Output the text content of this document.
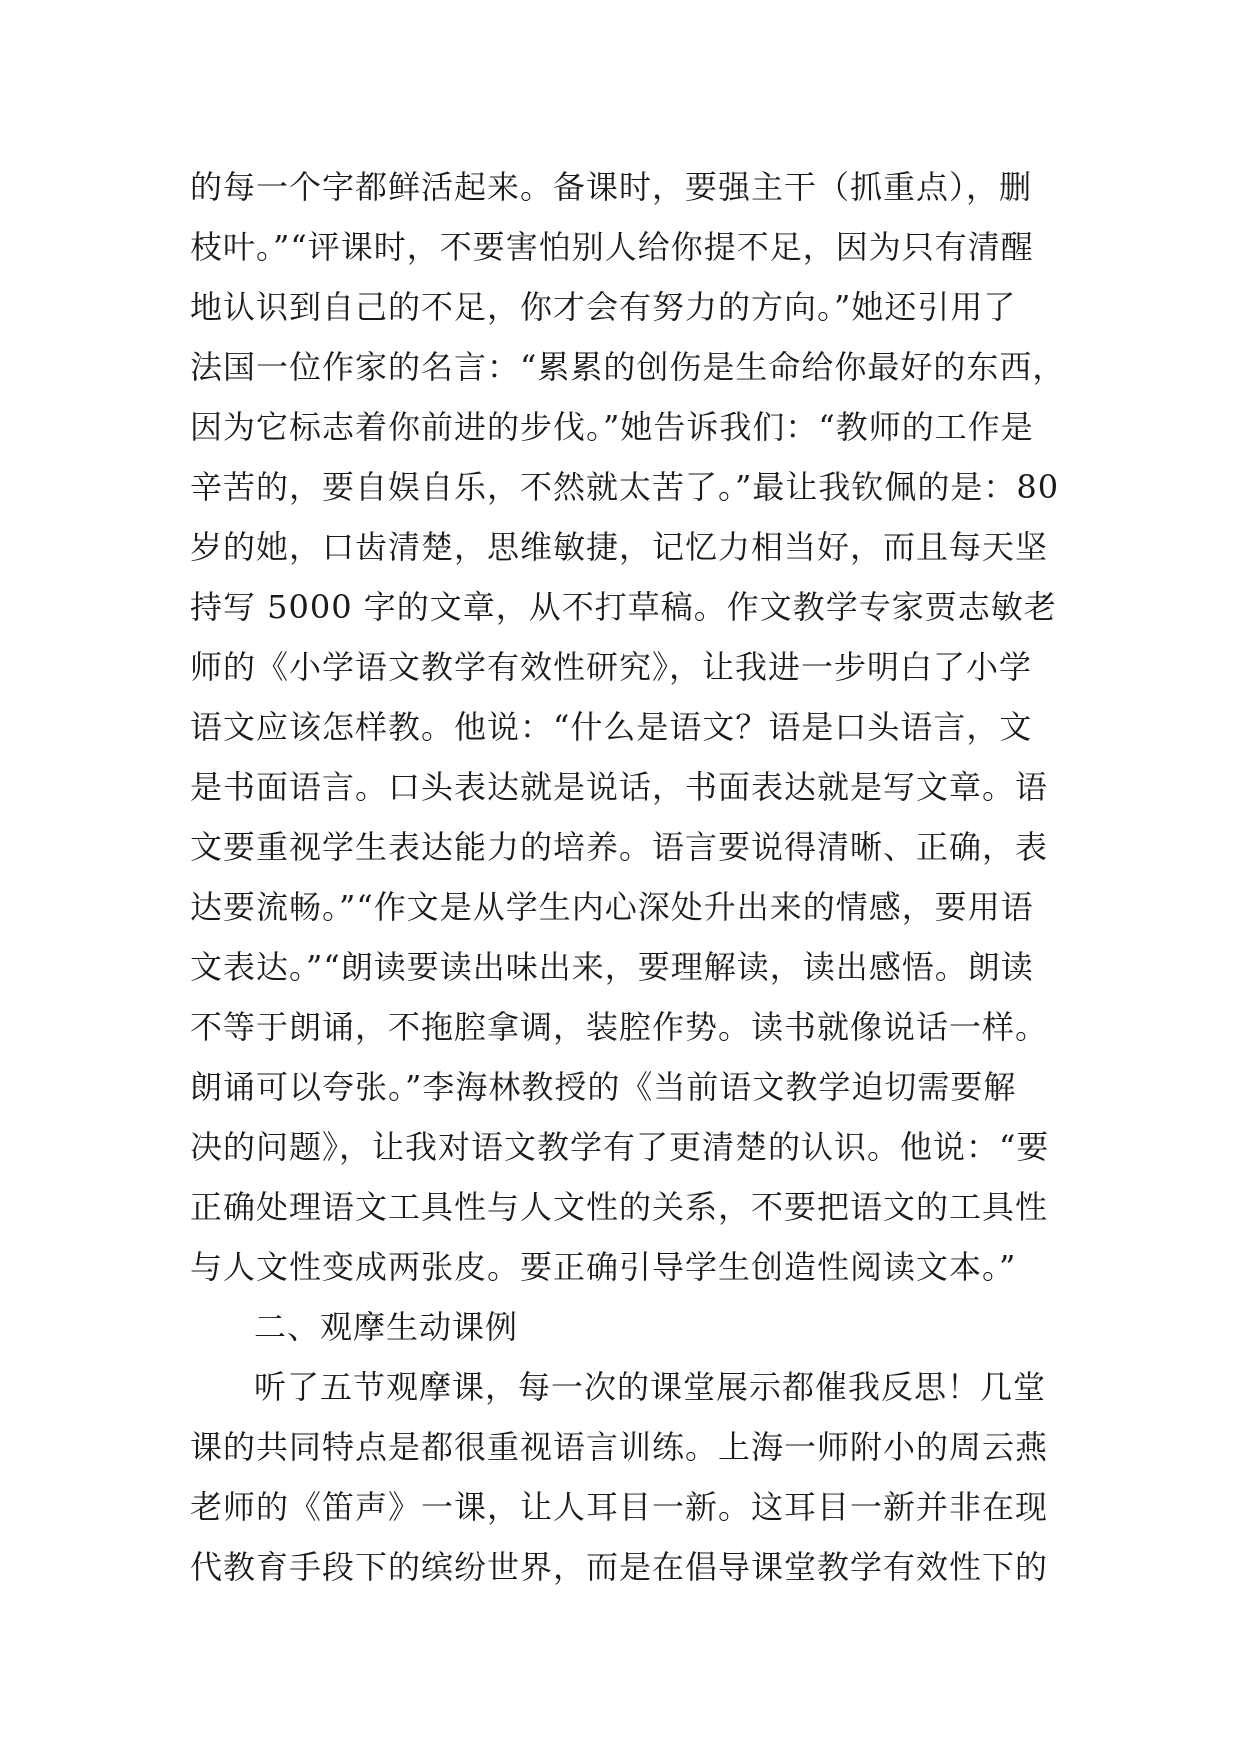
的每一个字都鲜活起来。备课时，要强主干（抓重点），删
枝叶。”“评课时，不要害怕别人给你提不足，因为只有清醒
地认识到自己的不足，你才会有努力的方向。”她还引用了
法国一位作家的名言：“累累的创伤是生命给你最好的东西，
因为它标志着你前进的步伐。”她告诉我们：“教师的工作是
辛苦的，要自娱自乐，不然就太苦了。”最让我钦佩的是：80
岁的她，口齿清楚，思维敏捷，记忆力相当好，而且每天坚
持写 5000 字的文章，从不打草稿。作文教学专家贾志敏老
师的《小学语文教学有效性研究》，让我进一步明白了小学
语文应该怎样教。他说：“什么是语文？语是口头语言，文
是书面语言。口头表达就是说话，书面表达就是写文章。语
文要重视学生表达能力的培养。语言要说得清晰、正确，表
达要流畅。”“作文是从学生内心深处升出来的情感，要用语
文表达。”“朗读要读出味出来，要理解读，读出感悟。朗读
不等于朗诵，不拖腔拿调，装腔作势。读书就像说话一样。
朗诵可以夸张。”李海林教授的《当前语文教学迫切需要解
决的问题》，让我对语文教学有了更清楚的认识。他说：“要
正确处理语文工具性与人文性的关系，不要把语文的工具性
与人文性变成两张皮。要正确引导学生创造性阅读文本。”
二、观摩生动课例
听了五节观摩课，每一次的课堂展示都催我反思！几堂
课的共同特点是都很重视语言训练。上海一师附小的周云燕
老师的《笛声》一课，让人耳目一新。这耳目一新并非在现
代教育手段下的缤纷世界，而是在倡导课堂教学有效性下的
